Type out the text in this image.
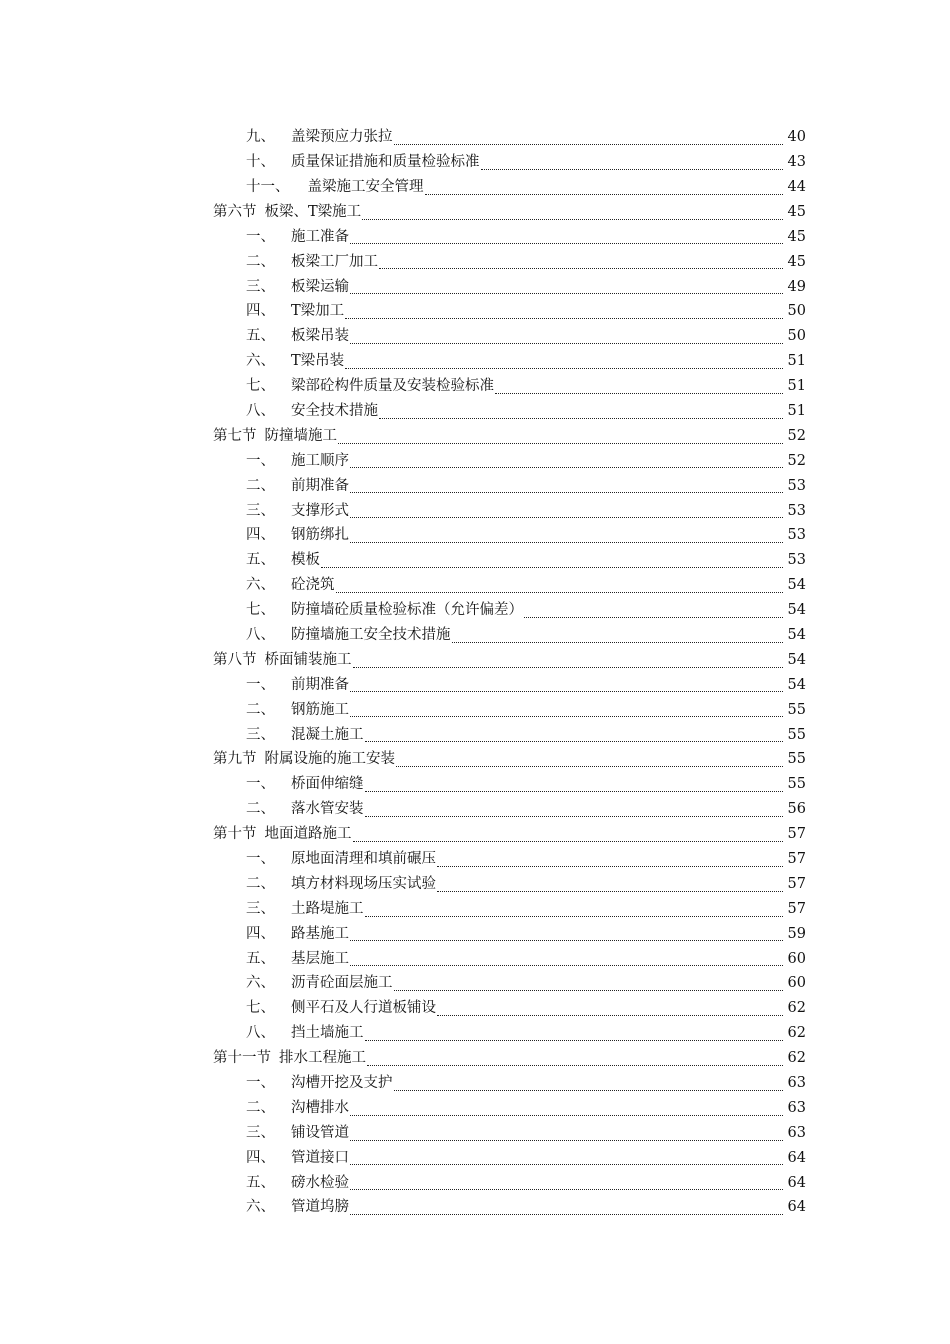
九、 盖梁预应力张拉	40
十、 质量保证措施和质量检验标准	43
十一、 盖梁施工安全管理	44
第六节 板梁、T梁施工	45
一、 施工准备	45
二、 板梁工厂加工	45
三、 板梁运输	49
四、 T梁加工	50
五、 板梁吊装	50
六、 T梁吊装	51
七、 梁部砼构件质量及安装检验标准	51
八、 安全技术措施	51
第七节 防撞墙施工	52
一、 施工顺序	52
二、 前期准备	53
三、 支撑形式	53
四、 钢筋绑扎	53
五、 模板	53
六、 砼浇筑	54
七、 防撞墙砼质量检验标准（允许偏差）	54
八、 防撞墙施工安全技术措施	54
第八节 桥面铺装施工	54
一、 前期准备	54
二、 钢筋施工	55
三、 混凝土施工	55
第九节 附属设施的施工安装	55
一、 桥面伸缩缝	55
二、 落水管安装	56
第十节 地面道路施工	57
一、 原地面清理和填前碾压	57
二、 填方材料现场压实试验	57
三、 土路堤施工	57
四、 路基施工	59
五、 基层施工	60
六、 沥青砼面层施工	60
七、 侧平石及人行道板铺设	62
八、 挡土墙施工	62
第十一节 排水工程施工	62
一、 沟槽开挖及支护	63
二、 沟槽排水	63
三、 铺设管道	63
四、 管道接口	64
五、 磅水检验	64
六、 管道坞膀	64
